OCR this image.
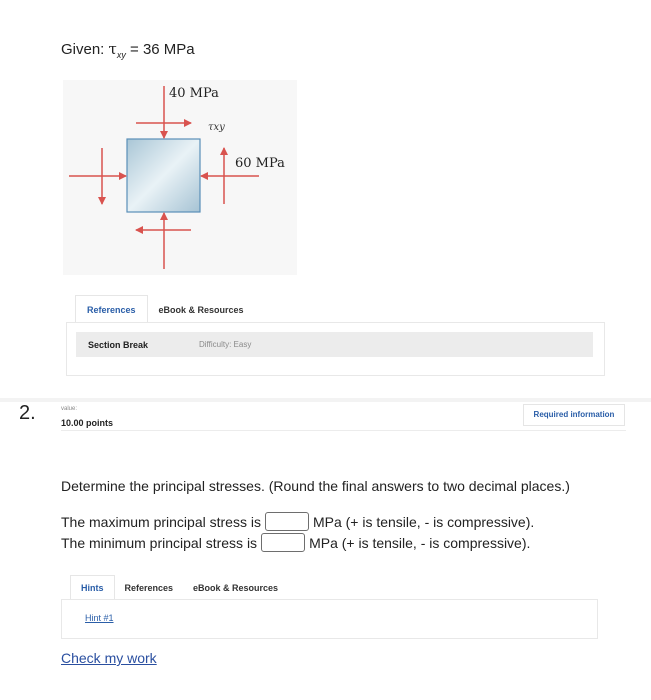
Given: $\tau_{xy} = 36$ MPa
40 MPa
60 MPa
τxy
References	eBook & Resources
Section Break	Difficulty: Easy
2.	value:
10.00 points
Required information
Determine the principal stresses. (Round the final answers to two decimal places.)
The maximum principal stress is	MPa (+ is tensile, - is compressive).
The minimum principal stress is	MPa (+ is tensile, - is compressive).
Hints	References	eBook & Resources
Hint #1
Check my work
